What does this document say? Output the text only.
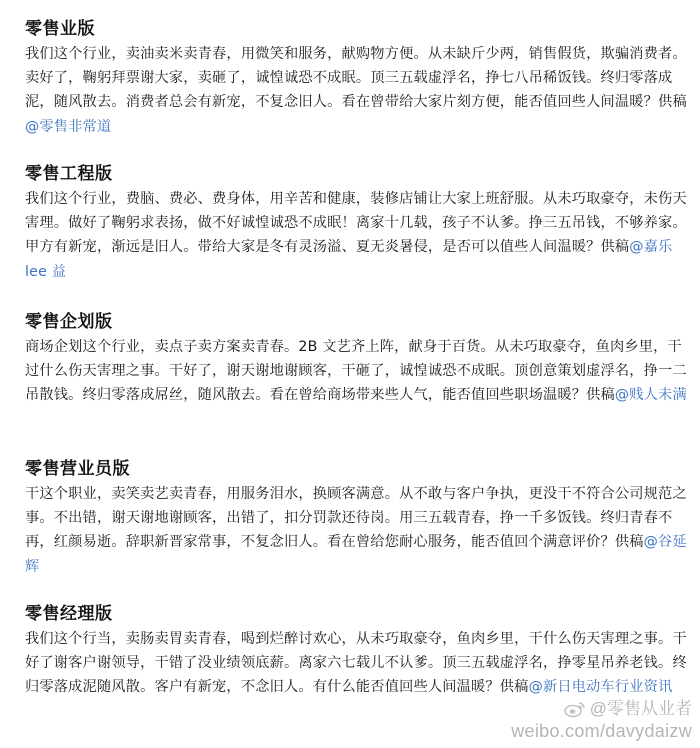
零售业版
我们这个行业，卖油卖米卖青春，用微笑和服务，献购物方便。从未缺斤少两，销售假货，欺骗消费者。卖好了，鞠躬拜票谢大家，卖砸了，诚惶诚恐不成眠。顶三五载虚浮名，挣七八吊稀饭钱。终归零落成泥，随风散去。消费者总会有新宠，不复念旧人。看在曾带给大家片刻方便，能否值回些人间温暖？供稿@零售非常道
零售工程版
我们这个行业，费脑、费必、费身体，用辛苦和健康，装修店铺让大家上班舒服。从未巧取豪夺，未伤天害理。做好了鞠躬求表扬，做不好诚惶诚恐不成眠！离家十几载，孩子不认爹。挣三五吊钱，不够养家。甲方有新宠，渐远是旧人。带给大家是冬有灵汤溢、夏无炎暑侵，是否可以值些人间温暖？供稿@嘉乐 lee 益
零售企划版
商场企划这个行业，卖点子卖方案卖青春。2B 文艺齐上阵，献身于百货。从未巧取豪夺，鱼肉乡里，干过什么伤天害理之事。干好了，谢天谢地谢顾客，干砸了，诚惶诚恐不成眠。顶创意策划虚浮名，挣一二吊散钱。终归零落成屌丝，随风散去。看在曾给商场带来些人气，能否值回些职场温暖？供稿@贱人未满
零售营业员版
干这个职业，卖笑卖艺卖青春，用服务泪水，换顾客满意。从不敢与客户争执，更没干不符合公司规范之事。不出错，谢天谢地谢顾客，出错了，扣分罚款还待岗。用三五载青春，挣一千多饭钱。终归青春不再，红颜易逝。辞职新晋家常事，不复念旧人。看在曾给您耐心服务，能否值回个满意评价？供稿@谷延辉
零售经理版
我们这个行当，卖肠卖胃卖青春，喝到烂醉讨欢心，从未巧取豪夺，鱼肉乡里，干什么伤天害理之事。干好了谢客户谢领导，干错了没业绩领底薪。离家六七载儿不认爹。顶三五载虚浮名，挣零星吊养老钱。终归零落成泥随风散。客户有新宠，不念旧人。有什么能否值回些人间温暖？供稿@新日电动车行业资讯
@零售从业者
weibo.com/davydaizw
